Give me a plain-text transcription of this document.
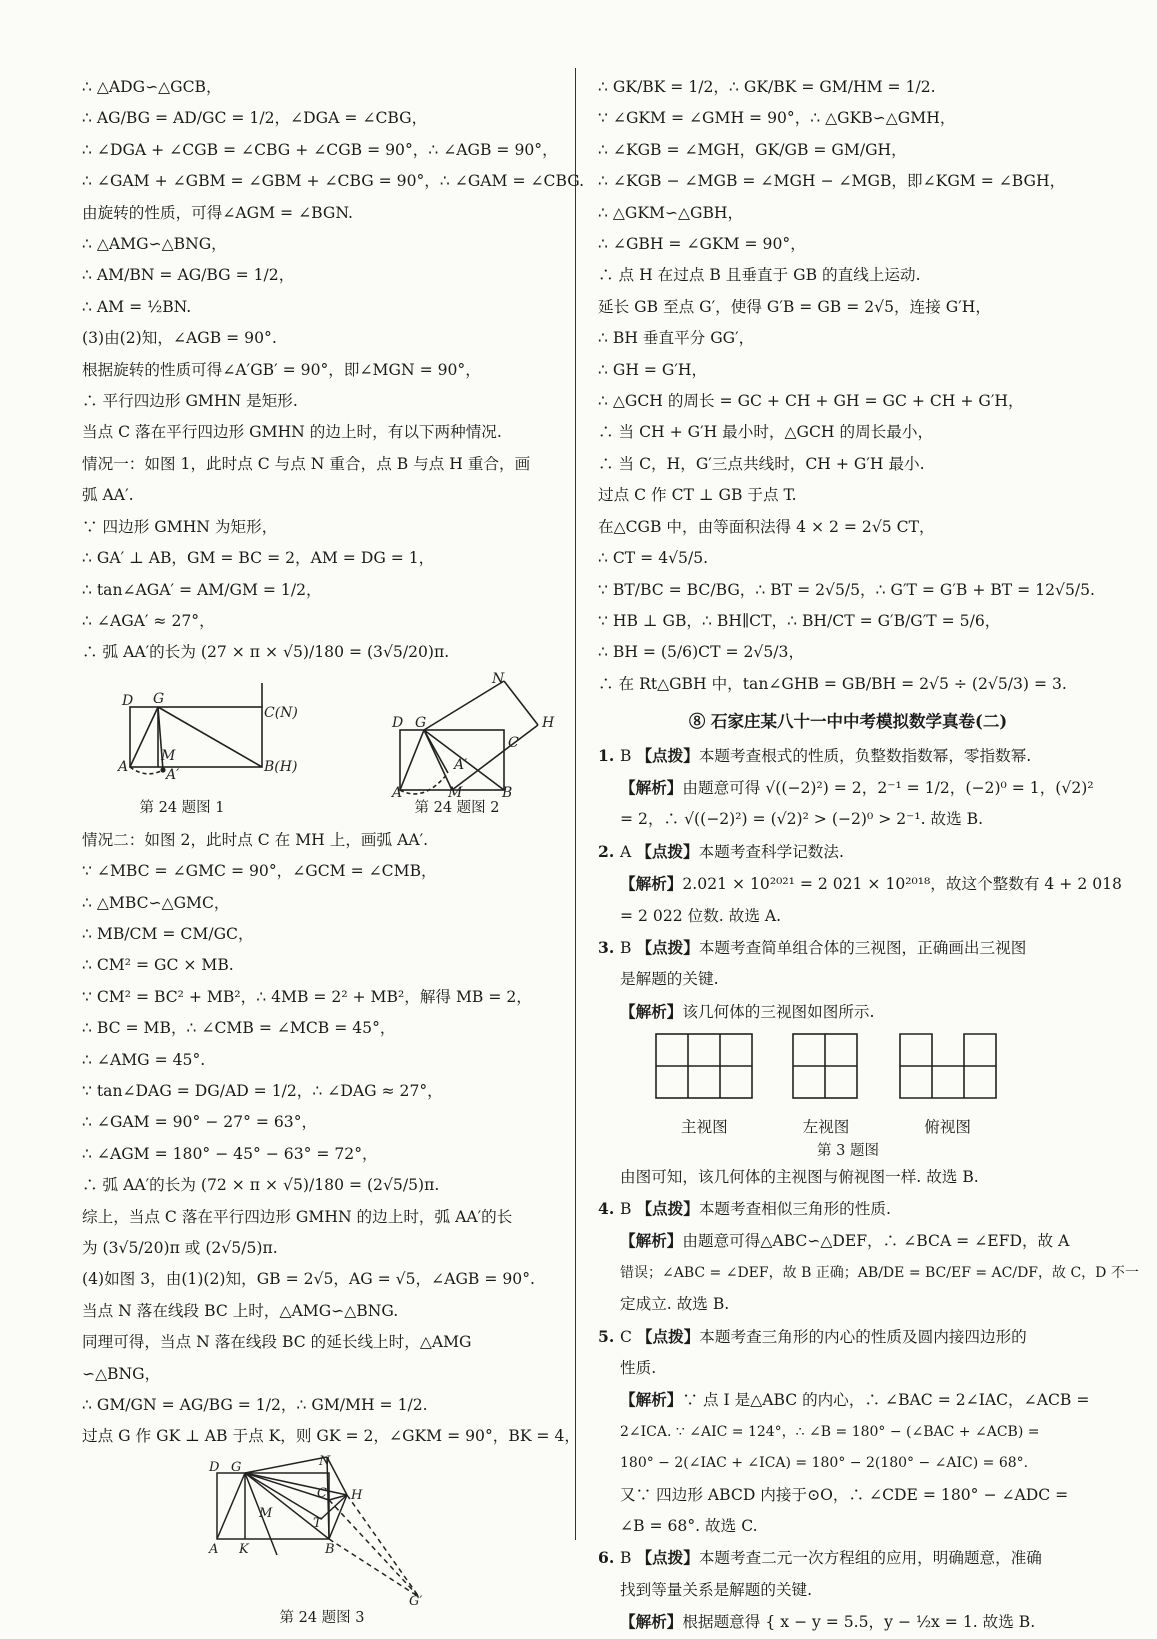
∴ △ADG∽△GCB，
∴ AG/BG = AD/GC = 1/2，∠DGA = ∠CBG，
∴ ∠DGA + ∠CGB = ∠CBG + ∠CGB = 90°，∴ ∠AGB = 90°，
∴ ∠GAM + ∠GBM = ∠GBM + ∠CBG = 90°，∴ ∠GAM = ∠CBG.
由旋转的性质，可得∠AGM = ∠BGN.
∴ △AMG∽△BNG，
∴ AM/BN = AG/BG = 1/2，
∴ AM = ½BN.
(3)由(2)知，∠AGB = 90°.
根据旋转的性质可得∠A′GB′ = 90°，即∠MGN = 90°，
∴ 平行四边形 GMHN 是矩形.
当点 C 落在平行四边形 GMHN 的边上时，有以下两种情况.
情况一：如图 1，此时点 C 与点 N 重合，点 B 与点 H 重合，画
弧 AA′.
∵ 四边形 GMHN 为矩形，
∴ GA′ ⊥ AB，GM = BC = 2，AM = DG = 1，
∴ tan∠AGA′ = AM/GM = 1/2，
∴ ∠AGA′ ≈ 27°，
∴ 弧 AA′的长为 (27 × π × √5)/180 = (3√5/20)π.
D G
C(N)
M
A	A′	B(H)
第 24 题图 1
N
H
D G
C
A′
A	M	B
第 24 题图 2
情况二：如图 2，此时点 C 在 MH 上，画弧 AA′.
∵ ∠MBC = ∠GMC = 90°，∠GCM = ∠CMB，
∴ △MBC∽△GMC，
∴ MB/CM = CM/GC，
∴ CM² = GC × MB.
∵ CM² = BC² + MB²，∴ 4MB = 2² + MB²，解得 MB = 2，
∴ BC = MB，∴ ∠CMB = ∠MCB = 45°，
∴ ∠AMG = 45°.
∵ tan∠DAG = DG/AD = 1/2，∴ ∠DAG ≈ 27°，
∴ ∠GAM = 90° − 27° = 63°，
∴ ∠AGM = 180° − 45° − 63° = 72°，
∴ 弧 AA′的长为 (72 × π × √5)/180 = (2√5/5)π.
综上，当点 C 落在平行四边形 GMHN 的边上时，弧 AA′的长
为 (3√5/20)π 或 (2√5/5)π.
(4)如图 3，由(1)(2)知，GB = 2√5，AG = √5，∠AGB = 90°.
当点 N 落在线段 BC 上时，△AMG∽△BNG.
同理可得，当点 N 落在线段 BC 的延长线上时，△AMG
∽△BNG，
∴ GM/GN = AG/BG = 1/2，∴ GM/MH = 1/2.
过点 G 作 GK ⊥ AB 于点 K，则 GK = 2，∠GKM = 90°，BK = 4，
N
D G
C H
M
T
A K	B
G′
第 24 题图 3
∴ GK/BK = 1/2，∴ GK/BK = GM/HM = 1/2.
∵ ∠GKM = ∠GMH = 90°，∴ △GKB∽△GMH，
∴ ∠KGB = ∠MGH，GK/GB = GM/GH，
∴ ∠KGB − ∠MGB = ∠MGH − ∠MGB，即∠KGM = ∠BGH，
∴ △GKM∽△GBH，
∴ ∠GBH = ∠GKM = 90°，
∴ 点 H 在过点 B 且垂直于 GB 的直线上运动.
延长 GB 至点 G′，使得 G′B = GB = 2√5，连接 G′H，
∴ BH 垂直平分 GG′，
∴ GH = G′H，
∴ △GCH 的周长 = GC + CH + GH = GC + CH + G′H，
∴ 当 CH + G′H 最小时，△GCH 的周长最小，
∴ 当 C，H，G′三点共线时，CH + G′H 最小.
过点 C 作 CT ⊥ GB 于点 T.
在△CGB 中，由等面积法得 4 × 2 = 2√5 CT，
∴ CT = 4√5/5.
∵ BT/BC = BC/BG，∴ BT = 2√5/5，∴ G′T = G′B + BT = 12√5/5.
∵ HB ⊥ GB，∴ BH∥CT，∴ BH/CT = G′B/G′T = 5/6，
∴ BH = (5/6)CT = 2√5/3，
∴ 在 Rt△GBH 中，tan∠GHB = GB/BH = 2√5 ÷ (2√5/3) = 3.
⑧ 石家庄某八十一中中考模拟数学真卷(二)
1. B 【点拨】本题考查根式的性质，负整数指数幂，零指数幂.
【解析】由题意可得 √((−2)²) = 2，2⁻¹ = 1/2，(−2)⁰ = 1，(√2)²
= 2，∴ √((−2)²) = (√2)² > (−2)⁰ > 2⁻¹. 故选 B.
2. A 【点拨】本题考查科学记数法.
【解析】2.021 × 10²⁰²¹ = 2 021 × 10²⁰¹⁸，故这个整数有 4 + 2 018
= 2 022 位数. 故选 A.
3. B 【点拨】本题考查简单组合体的三视图，正确画出三视图
是解题的关键.
【解析】该几何体的三视图如图所示.
主视图	左视图	俯视图
第 3 题图
由图可知，该几何体的主视图与俯视图一样. 故选 B.
4. B 【点拨】本题考查相似三角形的性质.
【解析】由题意可得△ABC∽△DEF，∴ ∠BCA = ∠EFD，故 A
错误；∠ABC = ∠DEF，故 B 正确；AB/DE = BC/EF = AC/DF，故 C，D 不一
定成立. 故选 B.
5. C 【点拨】本题考查三角形的内心的性质及圆内接四边形的
性质.
【解析】∵ 点 I 是△ABC 的内心，∴ ∠BAC = 2∠IAC，∠ACB =
2∠ICA. ∵ ∠AIC = 124°，∴ ∠B = 180° − (∠BAC + ∠ACB) =
180° − 2(∠IAC + ∠ICA) = 180° − 2(180° − ∠AIC) = 68°.
又∵ 四边形 ABCD 内接于⊙O，∴ ∠CDE = 180° − ∠ADC =
∠B = 68°. 故选 C.
6. B 【点拨】本题考查二元一次方程组的应用，明确题意，准确
找到等量关系是解题的关键.
【解析】根据题意得 { x − y = 5.5，y − ½x = 1. 故选 B.
